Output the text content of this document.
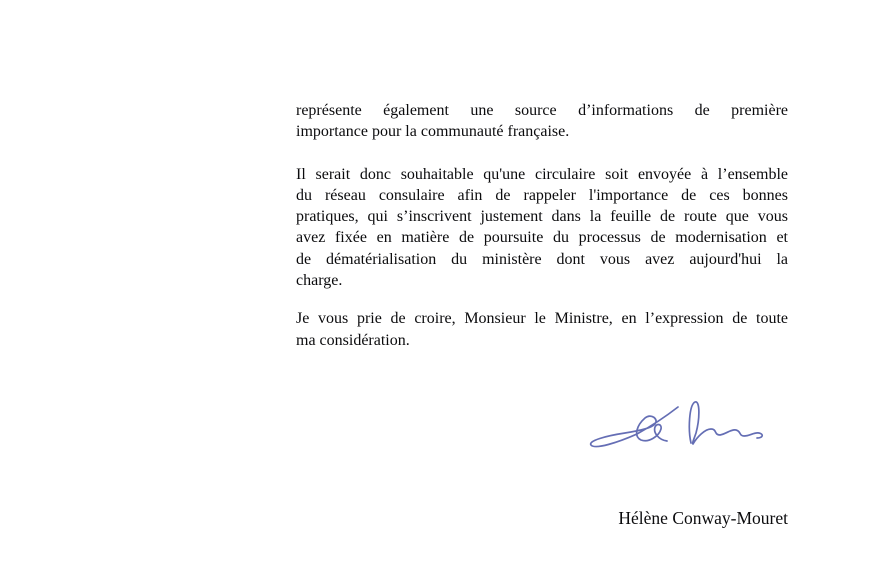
représente également une source d’informations de première
importance pour la communauté française.
Il serait donc souhaitable qu'une circulaire soit envoyée à l’ensemble
du réseau consulaire afin de rappeler l'importance de ces bonnes
pratiques, qui s’inscrivent justement dans la feuille de route que vous
avez fixée en matière de poursuite du processus de modernisation et
de dématérialisation du ministère dont vous avez aujourd'hui la
charge.
Je vous prie de croire, Monsieur le Ministre, en l’expression de toute
ma considération.
Hélène Conway-Mouret
